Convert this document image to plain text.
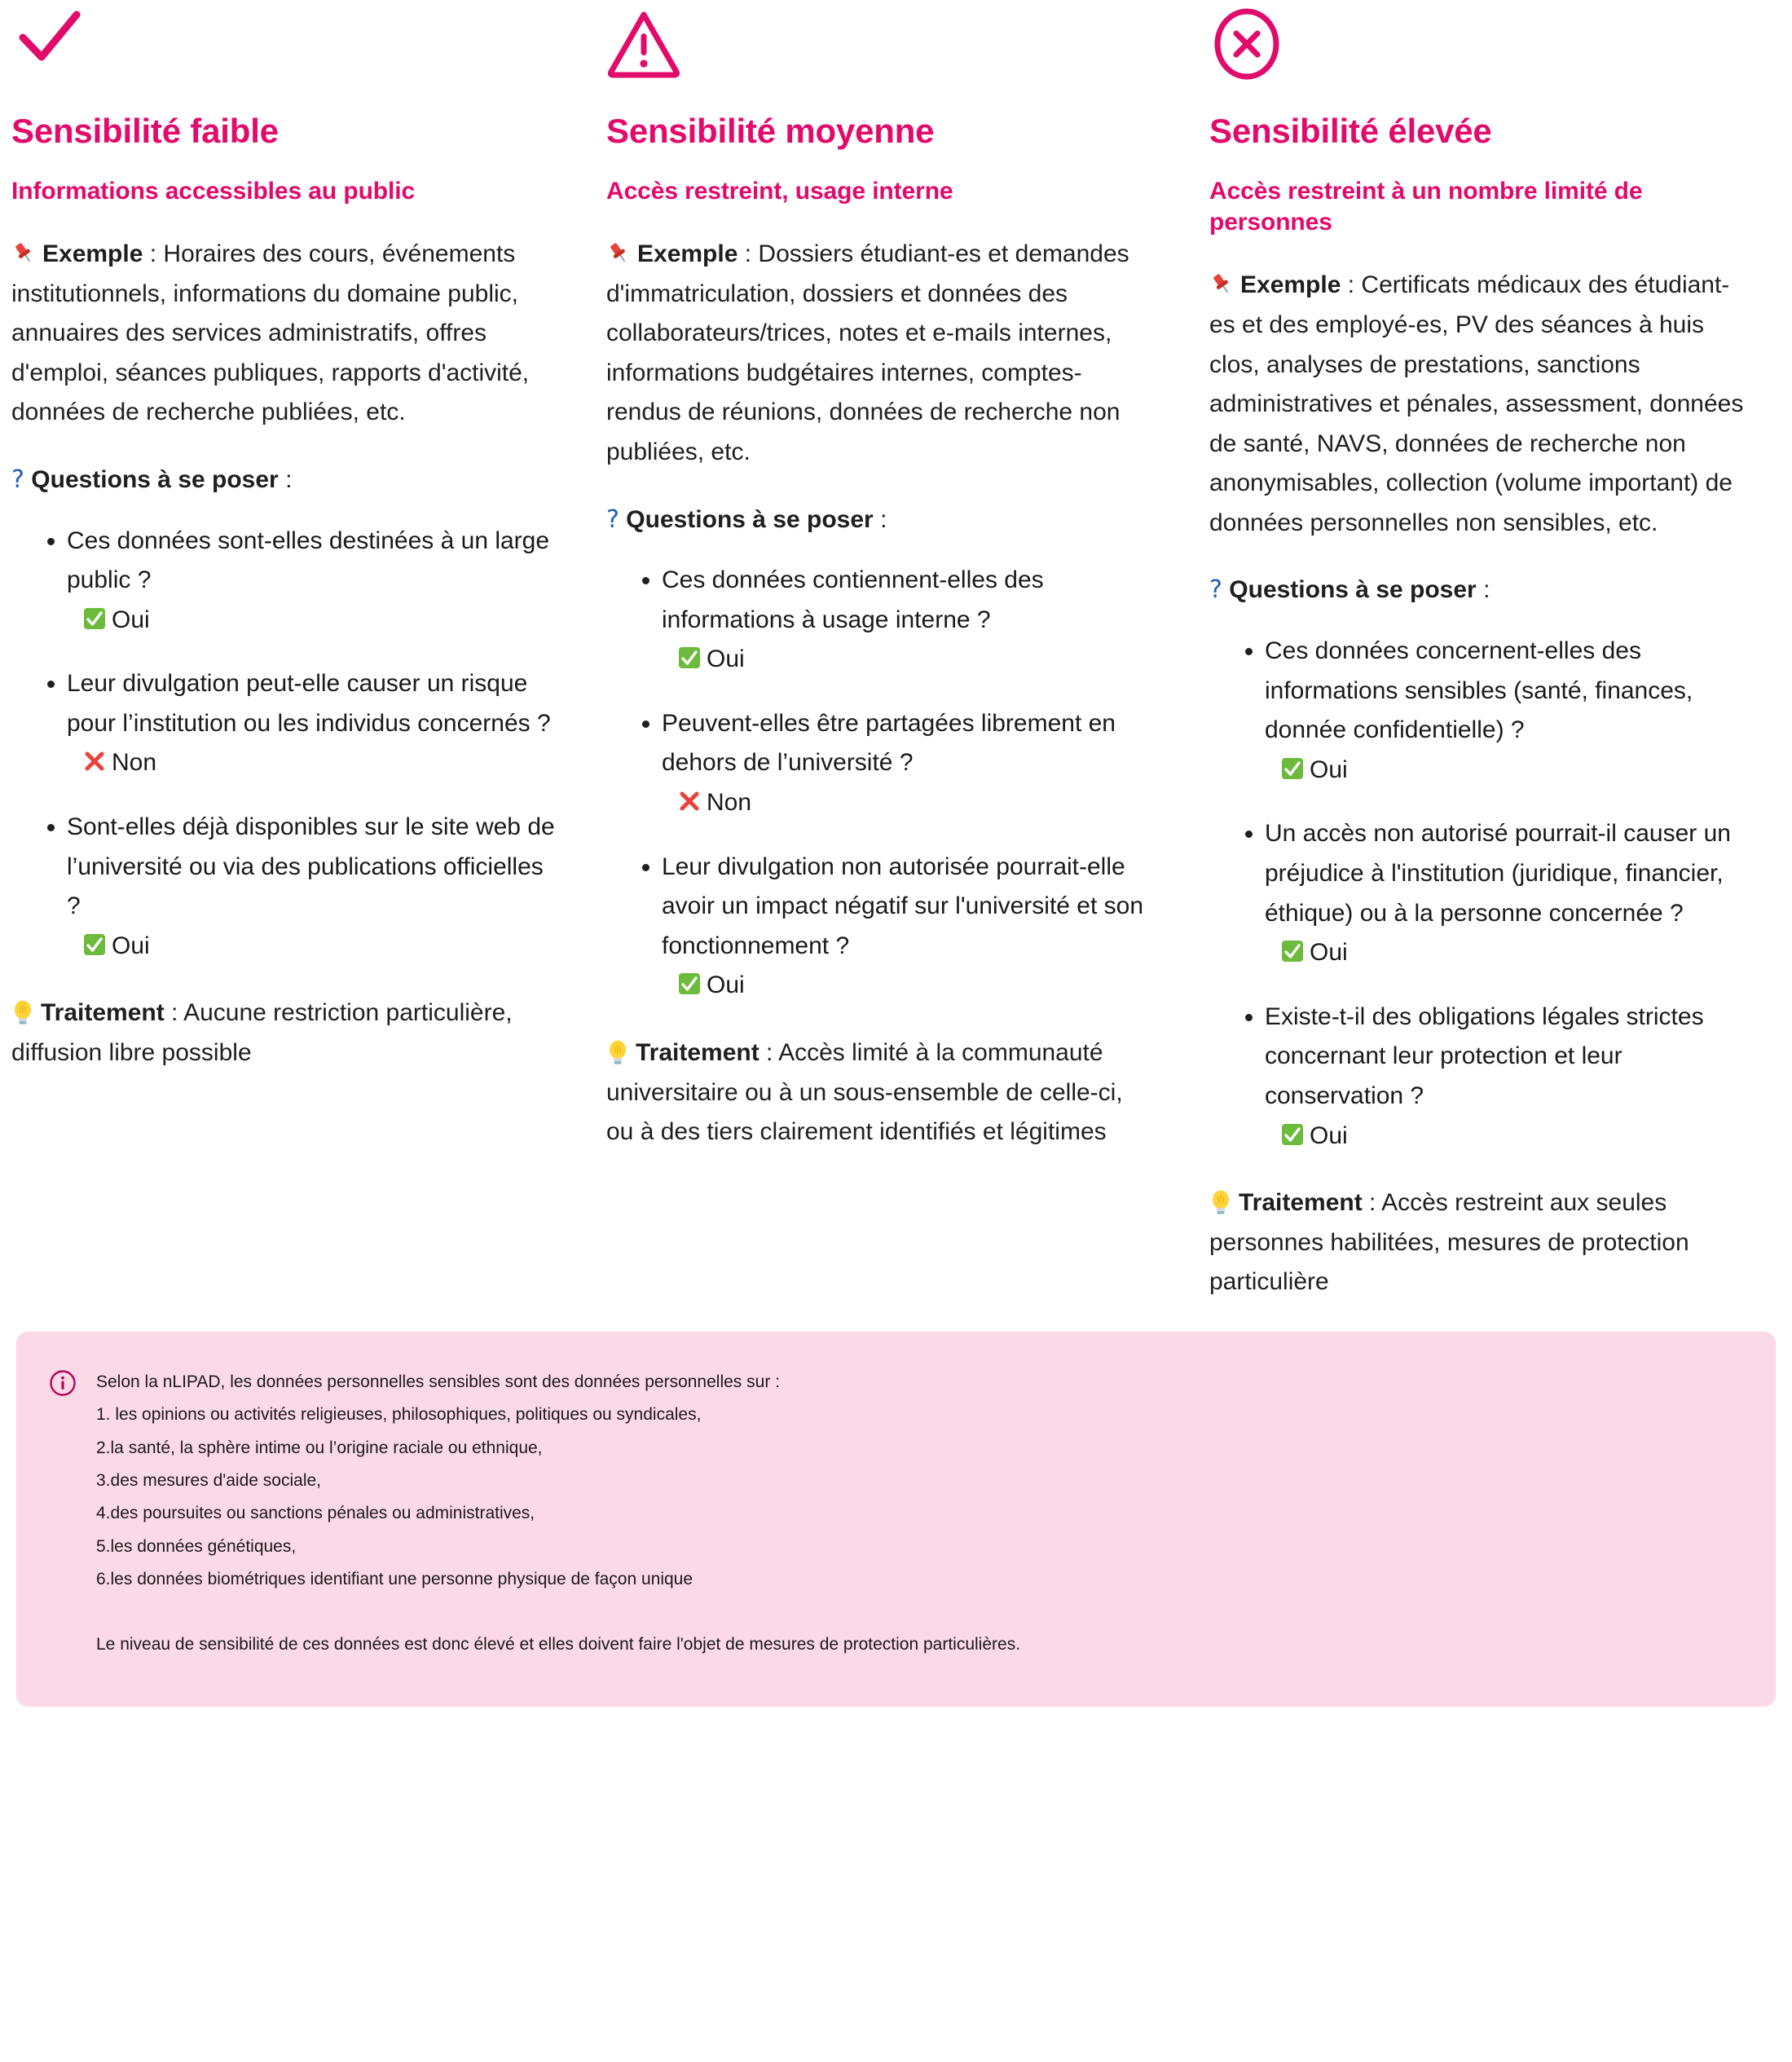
Sensibilité faible
Informations accessibles au public

Exemple : Horaires des cours, événements institutionnels, informations du domaine public, annuaires des services administratifs, offres d'emploi, séances publiques, rapports d'activité, données de recherche publiées, etc.

? Questions à se poser :

Ces données sont-elles destinées à un large public ?
Oui
Leur divulgation peut-elle causer un risque pour l’institution ou les individus concernés ?
Non
Sont-elles déjà disponibles sur le site web de l’université ou via des publications officielles ?
Oui

Traitement : Aucune restriction particulière, diffusion libre possible

Sensibilité moyenne
Accès restreint, usage interne

Exemple : Dossiers étudiant-es et demandes d'immatriculation, dossiers et données des collaborateurs/trices, notes et e-mails internes, informations budgétaires internes, comptes-rendus de réunions, données de recherche non publiées, etc.

? Questions à se poser :

Ces données contiennent-elles des informations à usage interne ?
Oui
Peuvent-elles être partagées librement en dehors de l’université ?
Non
Leur divulgation non autorisée pourrait-elle avoir un impact négatif sur l'université et son fonctionnement ?
Oui

Traitement : Accès limité à la communauté universitaire ou à un sous-ensemble de celle-ci, ou à des tiers clairement identifiés et légitimes

Sensibilité élevée
Accès restreint à un nombre limité de personnes

Exemple : Certificats médicaux des étudiant-es et des employé-es, PV des séances à huis clos, analyses de prestations, sanctions administratives et pénales, assessment, données de santé, NAVS, données de recherche non anonymisables, collection (volume important) de données personnelles non sensibles, etc.

? Questions à se poser :

Ces données concernent-elles des informations sensibles (santé, finances, donnée confidentielle) ?
Oui
Un accès non autorisé pourrait-il causer un préjudice à l'institution (juridique, financier, éthique) ou à la personne concernée ?
Oui
Existe-t-il des obligations légales strictes concernant leur protection et leur conservation ?
Oui

Traitement : Accès restreint aux seules personnes habilitées, mesures de protection particulière

Selon la nLIPAD, les données personnelles sensibles sont des données personnelles sur :

1. les opinions ou activités religieuses, philosophiques, politiques ou syndicales,

2.la santé, la sphère intime ou l’origine raciale ou ethnique,

3.des mesures d'aide sociale,

4.des poursuites ou sanctions pénales ou administratives,

5.les données génétiques,

6.les données biométriques identifiant une personne physique de façon unique

Le niveau de sensibilité de ces données est donc élevé et elles doivent faire l'objet de mesures de protection particulières.
